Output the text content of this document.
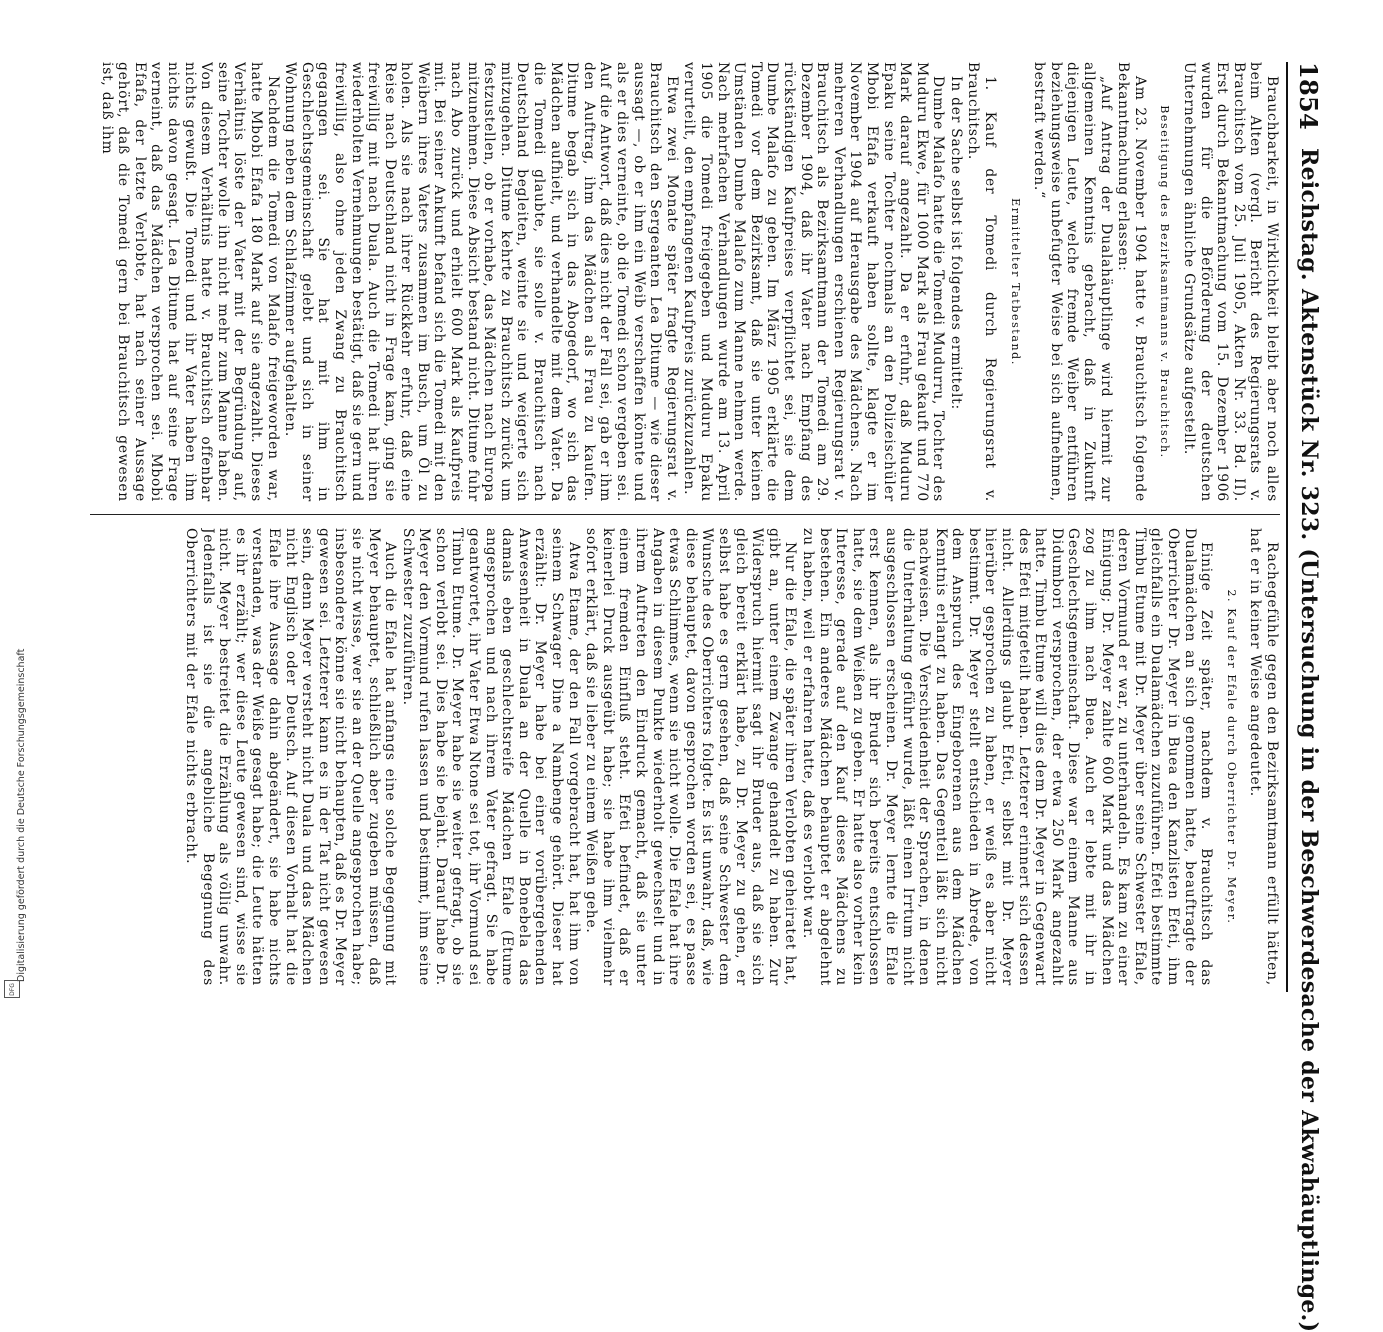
1854
Reichstag.
Aktenstück Nr. 323. (Untersuchung in der Beschwerdesache der Akwahäuptlinge.)

Brauchbarkeit, in Wirklichkeit bleibt aber noch alles beim Alten (vergl. Bericht des Regierungsrats v. Brauchitsch vom 25. Juli 1905, Akten Nr. 33. Bd. II). Erst durch Bekanntmachung vom 15. Dezember 1906 wurden für die Beförderung der deutschen Unternehmungen ähnliche Grundsätze aufgestellt.

Beseitigung des Bezirksamtmanns v. Brauchitsch.

Am 23. November 1904 hatte v. Brauchitsch folgende Bekanntmachung erlassen:

„Auf Antrag der Dualahäuptlinge wird hiermit zur allgemeinen Kenntnis gebracht, daß in Zukunft diejenigen Leute, welche fremde Weiber entführen beziehungsweise unbefugter Weise bei sich aufnehmen, bestraft werden.“

Ermittelter Tatbestand.

1. Kauf der Tomedi durch Regierungsrat v. Brauchitsch.

In der Sache selbst ist folgendes ermittelt:

Dumbe Malafo hatte die Tomedi Mudurru, Tochter des Muduru Ekwe, für 1000 Mark als Frau gekauft und 770 Mark darauf angezahlt. Da er erfuhr, daß Muduru Epaku seine Tochter nochmals an den Polizeischüler Mbobi Efafa verkauft haben sollte, klagte er im November 1904 auf Herausgabe des Mädchens. Nach mehreren Verhandlungen erschienen Regierungsrat v. Brauchitsch als Bezirksamtmann der Tomedi am 29. Dezember 1904, daß ihr Vater nach Empfang des rückständigen Kaufpreises verpflichtet sei, sie dem Dumbe Malafo zu geben. Im März 1905 erklärte die Tomedi vor dem Bezirksamt, daß sie unter keinen Umständen Dumbe Malafo zum Manne nehmen werde. Nach mehrfachen Verhandlungen wurde am 13. April 1905 die Tomedi freigegeben und Muduru Epaku verurteilt, den empfangenen Kaufpreis zurückzuzahlen.

Etwa zwei Monate später fragte Regierungsrat v. Brauchitsch den Sergeanten Lea Ditume — wie dieser aussagt —, ob er ihm ein Weib verschaffen könnte und als er dies verneinte, ob die Tomedi schon vergeben sei. Auf die Antwort, daß dies nicht der Fall sei, gab er ihm den Auftrag, ihm das Mädchen als Frau zu kaufen. Ditume begab sich in das Abogedorf, wo sich das Mädchen aufhielt, und verhandelte mit dem Vater. Da die Tomedi glaubte, sie solle v. Brauchitsch nach Deutschland begleiten, weinte sie und weigerte sich mitzugehen. Ditume kehrte zu Brauchitsch zurück um festzustellen, ob er vorhabe, das Mädchen nach Europa mitzunehmen. Diese Absicht bestand nicht. Ditume fuhr nach Abo zurück und erhielt 600 Mark als Kaufpreis mit. Bei seiner Ankunft befand sich die Tomedi mit den Weibern ihres Vaters zusammen im Busch, um Öl zu holen. Als sie nach ihrer Rückkehr erfuhr, daß eine Reise nach Deutschland nicht in Frage kam, ging sie freiwillig mit nach Duala. Auch die Tomedi hat ihren wiederholten Vernehmungen bestätigt, daß sie gern und freiwillig, also ohne jeden Zwang zu Brauchitsch gegangen sei. Sie hat mit ihm in Geschlechtsgemeinschaft gelebt und sich in seiner Wohnung neben dem Schlafzimmer aufgehalten.

Nachdem die Tomedi von Malafo freigeworden war, hatte Mbobi Efafa 180 Mark auf sie angezahlt. Dieses Verhältnis löste der Vater mit der Begründung auf, seine Tochter wolle ihn nicht mehr zum Manne haben. Von diesem Verhältnis hatte v. Brauchitsch offenbar nichts gewußt. Die Tomedi und ihr Vater haben ihm nichts davon gesagt. Lea Ditume hat auf seine Frage verneint, daß das Mädchen versprochen sei. Mbobi Efafa, der letzte Verlobte, hat nach seiner Aussage gehört, daß die Tomedi gern bei Brauchitsch gewesen ist, daß ihm

Rachegefühle gegen den Bezirksamtmann erfüllt hätten, hat er in keiner Weise angedeutet.

2. Kauf der Efale durch Oberrichter Dr. Meyer.

Einige Zeit später, nachdem v. Brauchitsch das Dualamädchen an sich genommen hatte, beauftragte der Oberrichter Dr. Meyer in Buea den Kanzlisten Efeti, ihm gleichfalls ein Dualamädchen zuzuführen. Efeti bestimmte Timbu Etume mit Dr. Meyer über seine Schwester Efale, deren Vormund er war, zu unterhandeln. Es kam zu einer Einigung; Dr. Meyer zahlte 600 Mark und das Mädchen zog zu ihm nach Buea. Auch er lebte mit ihr in Geschlechtsgemeinschaft. Diese war einem Manne aus Didumbori versprochen, der etwa 250 Mark angezahlt hatte. Timbu Etume will dies dem Dr. Meyer in Gegenwart des Efeti mitgeteilt haben. Letzterer erinnert sich dessen nicht. Allerdings glaubt Efeti, selbst mit Dr. Meyer hierüber gesprochen zu haben, er weiß es aber nicht bestimmt. Dr. Meyer stellt entschieden in Abrede, von dem Anspruch des Eingeborenen aus dem Mädchen Kenntnis erlangt zu haben. Das Gegenteil läßt sich nicht nachweisen. Die Verschiedenheit der Sprachen, in denen die Unterhaltung geführt wurde, läßt einen Irrtum nicht ausgeschlossen erscheinen. Dr. Meyer lernte die Efale erst kennen, als ihr Bruder sich bereits entschlossen hatte, sie dem Weißen zu geben. Er hatte also vorher kein Interesse, gerade auf den Kauf dieses Mädchens zu bestehen. Ein anderes Mädchen behauptet er abgelehnt zu haben, weil er erfahren hatte, daß es verlobt war.

Nur die Efale, die später ihren Verlobten geheiratet hat, gibt an, unter einem Zwange gehandelt zu haben. Zur Widerspruch hiermit sagt ihr Bruder aus, daß sie sich gleich bereit erklärt habe, zu Dr. Meyer zu gehen, er selbst habe es gern gesehen, daß seine Schwester dem Wunsche des Oberrichters folgte. Es ist unwahr, daß, wie diese behauptet, davon gesprochen worden sei, es passe etwas Schlimmes, wenn sie nicht wolle. Die Efale hat ihre Angaben in diesem Punkte wiederholt gewechselt und in ihrem Auftreten den Eindruck gemacht, daß sie unter einem fremden Einfluß steht. Efeti befindet, daß er keinerlei Druck ausgeübt habe; sie habe ihm vielmehr sofort erklärt, daß sie lieber zu einem Weißen gehe.

Atwa Etame, der den Fall vorgebracht hat, hat ihm von seinem Schwager Dine a Nambenge gehört. Dieser hat erzählt: Dr. Meyer habe bei einer vorübergehenden Anwesenheit in Duala an der Quelle in Bonebela das damals eben geschlechtsreife Mädchen Efale (Etume angesprochen und nach ihrem Vater gefragt. Sie habe geantwortet, ihr Vater Etwa Ntone sei tot, ihr Vormund sei Timbu Etume. Dr. Meyer habe sie weiter gefragt, ob sie schon verlobt sei. Dies habe sie bejaht. Darauf habe Dr. Meyer den Vormund rufen lassen und bestimmt, ihm seine Schwester zuzuführen.

Auch die Efale hat anfangs eine solche Begegnung mit Meyer behauptet, schließlich aber zugeben müssen, daß sie nicht wisse, wer sie an der Quelle angesprochen habe; insbesondere könne sie nicht behaupten, daß es Dr. Meyer gewesen sei. Letzterer kann es in der Tat nicht gewesen sein, denn Meyer versteht nicht Duala und das Mädchen nicht Englisch oder Deutsch. Auf diesen Vorhalt hat die Efale ihre Aussage dahin abgeändert, sie habe nichts verstanden, was der Weiße gesagt habe; die Leute hätten es ihr erzählt; wer diese Leute gewesen sind, wisse sie nicht. Meyer bestreitet die Erzählung als völlig unwahr. Jedenfalls ist sie die angebliche Begegnung des Oberrichters mit der Efale nichts erbracht.

Digitalisierung gefördert durch die Deutsche Forschungsgemeinschaft
DFG
